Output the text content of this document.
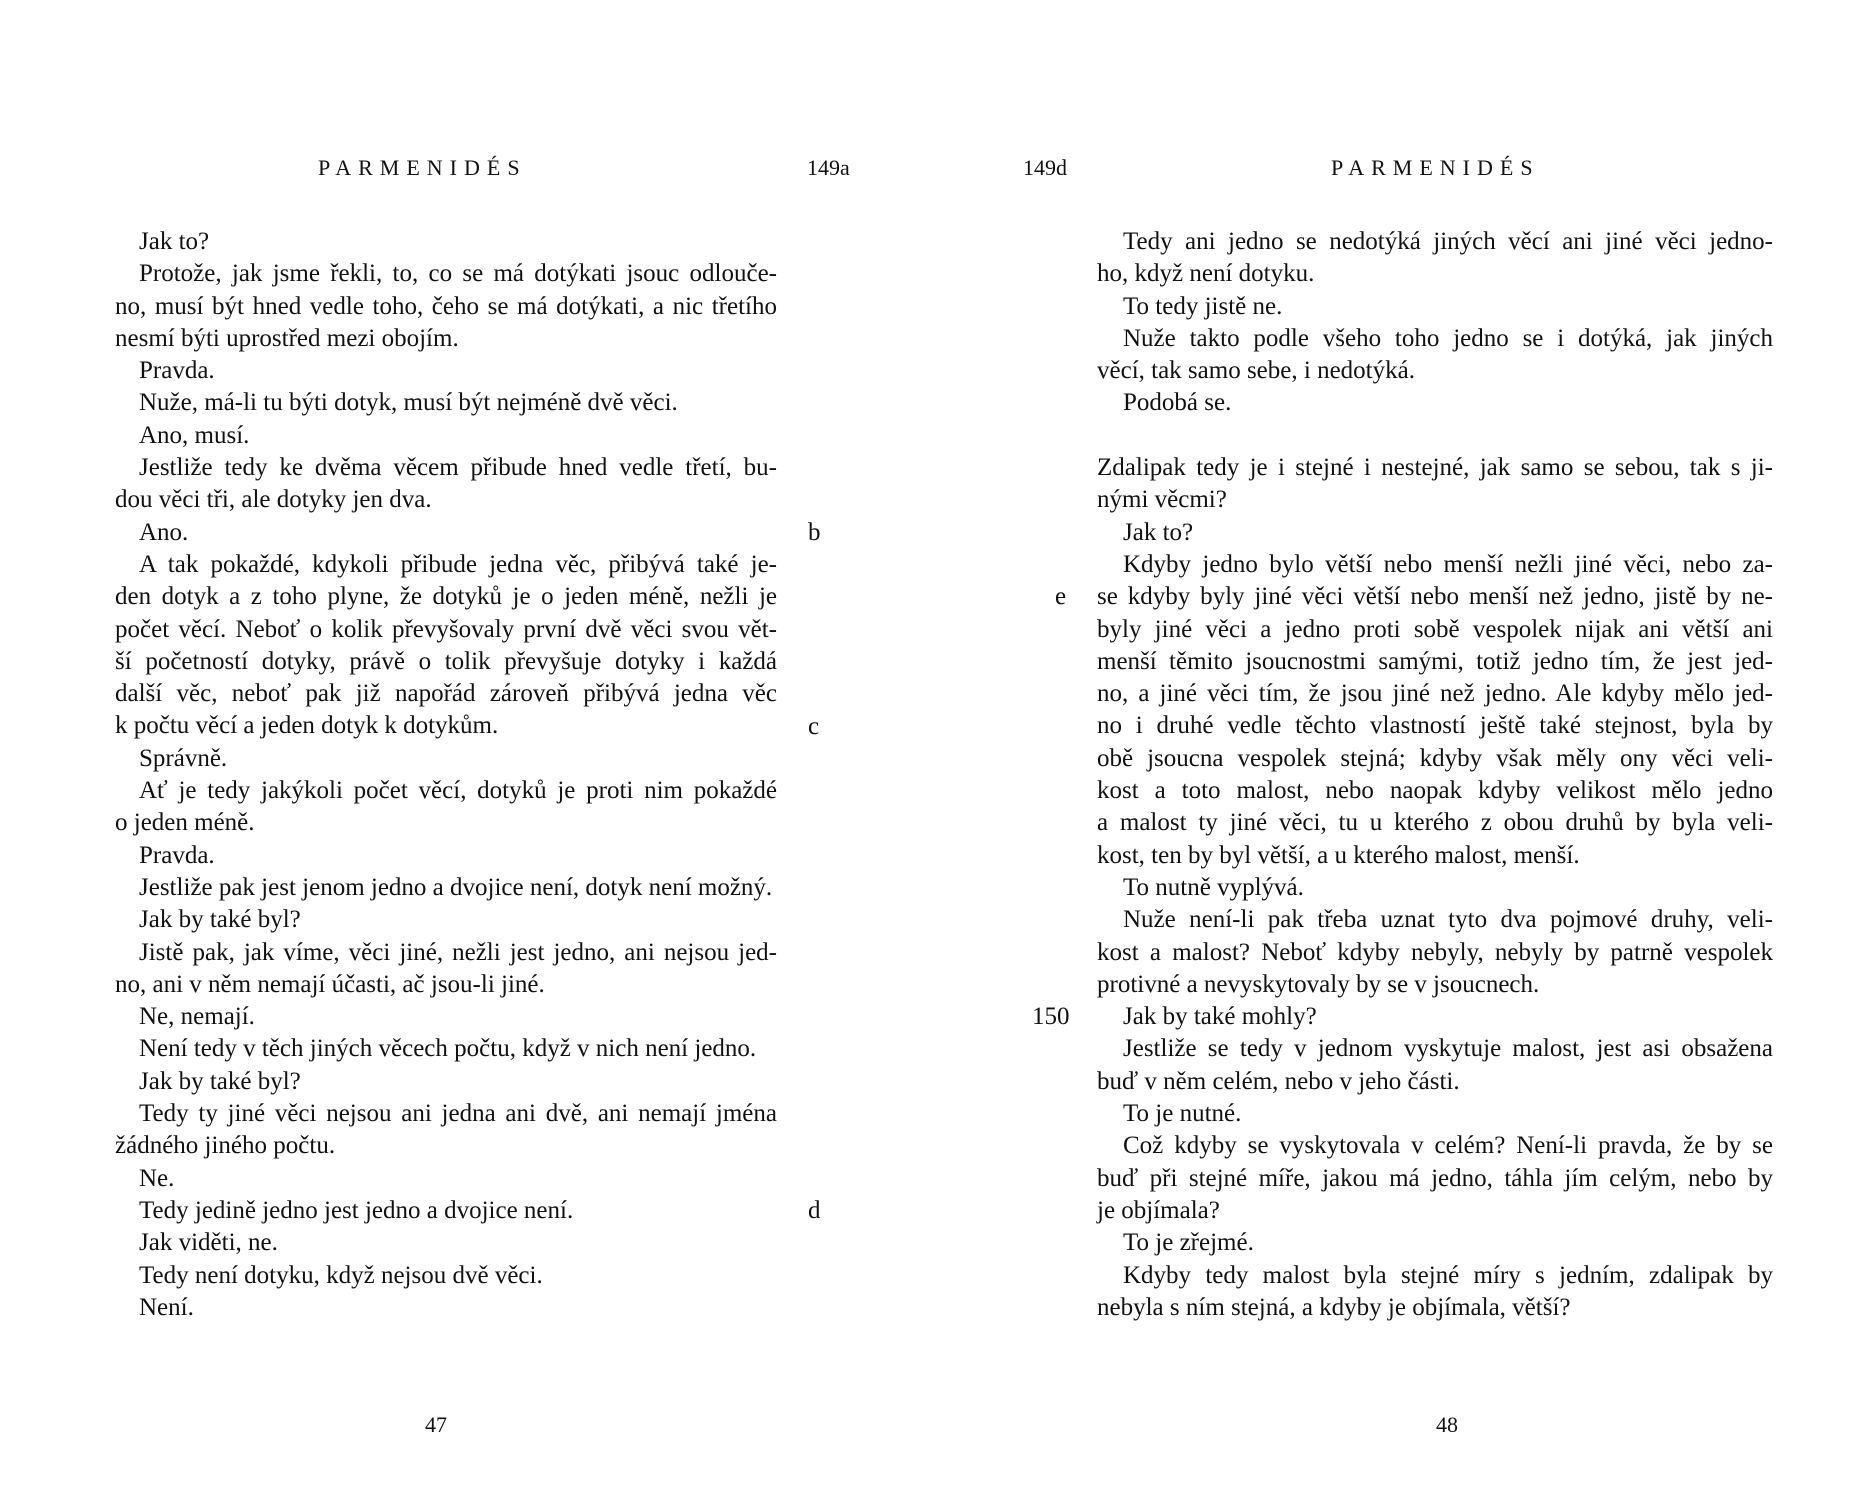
PARMENIDÉS	149a
Jak to?
Protože, jak jsme řekli, to, co se má dotýkati jsouc odlouče-
no, musí být hned vedle toho, čeho se má dotýkati, a nic třetího
nesmí býti uprostřed mezi obojím.
Pravda.
Nuže, má-li tu býti dotyk, musí být nejméně dvě věci.
Ano, musí.
Jestliže tedy ke dvěma věcem přibude hned vedle třetí, bu-
dou věci tři, ale dotyky jen dva.
Ano.
A tak pokaždé, kdykoli přibude jedna věc, přibývá také je-
den dotyk a z toho plyne, že dotyků je o jeden méně, nežli je
počet věcí. Neboť o kolik převyšovaly první dvě věci svou vět-
ší početností dotyky, právě o tolik převyšuje dotyky i každá
další věc, neboť pak již napořád zároveň přibývá jedna věc
k počtu věcí a jeden dotyk k dotykům.
Správně.
Ať je tedy jakýkoli počet věcí, dotyků je proti nim pokaždé
o jeden méně.
Pravda.
Jestliže pak jest jenom jedno a dvojice není, dotyk není možný.
Jak by také byl?
Jistě pak, jak víme, věci jiné, nežli jest jedno, ani nejsou jed-
no, ani v něm nemají účasti, ač jsou-li jiné.
Ne, nemají.
Není tedy v těch jiných věcech počtu, když v nich není jedno.
Jak by také byl?
Tedy ty jiné věci nejsou ani jedna ani dvě, ani nemají jména
žádného jiného počtu.
Ne.
Tedy jedině jedno jest jedno a dvojice není.
Jak viděti, ne.
Tedy není dotyku, když nejsou dvě věci.
Není.
b
c
d
47
149d	PARMENIDÉS
Tedy ani jedno se nedotýká jiných věcí ani jiné věci jedno-
ho, když není dotyku.
To tedy jistě ne.
Nuže takto podle všeho toho jedno se i dotýká, jak jiných
věcí, tak samo sebe, i nedotýká.
Podobá se.
Zdalipak tedy je i stejné i nestejné, jak samo se sebou, tak s ji-
nými věcmi?
Jak to?
Kdyby jedno bylo větší nebo menší nežli jiné věci, nebo za-
se kdyby byly jiné věci větší nebo menší než jedno, jistě by ne-
byly jiné věci a jedno proti sobě vespolek nijak ani větší ani
menší těmito jsoucnostmi samými, totiž jedno tím, že jest jed-
no, a jiné věci tím, že jsou jiné než jedno. Ale kdyby mělo jed-
no i druhé vedle těchto vlastností ještě také stejnost, byla by
obě jsoucna vespolek stejná; kdyby však měly ony věci veli-
kost a toto malost, nebo naopak kdyby velikost mělo jedno
a malost ty jiné věci, tu u kterého z obou druhů by byla veli-
kost, ten by byl větší, a u kterého malost, menší.
To nutně vyplývá.
Nuže není-li pak třeba uznat tyto dva pojmové druhy, veli-
kost a malost? Neboť kdyby nebyly, nebyly by patrně vespolek
protivné a nevyskytovaly by se v jsoucnech.
Jak by také mohly?
Jestliže se tedy v jednom vyskytuje malost, jest asi obsažena
buď v něm celém, nebo v jeho části.
To je nutné.
Což kdyby se vyskytovala v celém? Není-li pravda, že by se
buď při stejné míře, jakou má jedno, táhla jím celým, nebo by
je objímala?
To je zřejmé.
Kdyby tedy malost byla stejné míry s jedním, zdalipak by
nebyla s ním stejná, a kdyby je objímala, větší?
e
150
48
